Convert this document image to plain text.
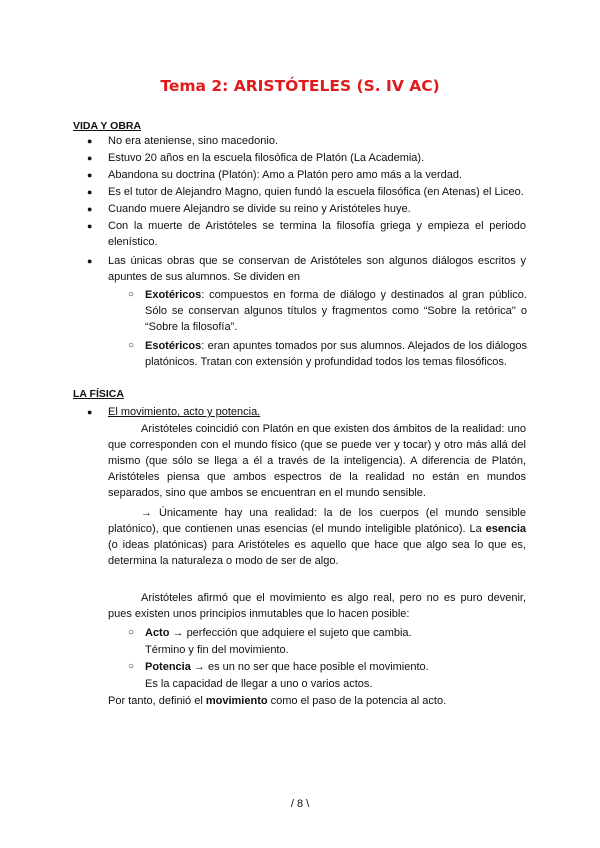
Tema 2: ARISTÓTELES (S. IV AC)
VIDA Y OBRA
●	No era ateniense, sino macedonio.
●	Estuvo 20 años en la escuela filosófica de Platón (La Academia).
●	Abandona su doctrina (Platón): Amo a Platón pero amo más a la verdad.
●	Es el tutor de Alejandro Magno, quien fundó la escuela filosófica (en Atenas) el Liceo.
●	Cuando muere Alejandro se divide su reino y Aristóteles huye.
●	Con la muerte de Aristóteles se termina la filosofía griega y empieza el periodo elenístico.
●	Las únicas obras que se conservan de Aristóteles son algunos diálogos escritos y apuntes de sus alumnos. Se dividen en
○ Exotéricos: compuestos en forma de diálogo y destinados al gran público. Sólo se conservan algunos títulos y fragmentos como “Sobre la retórica'' o “Sobre la filosofía”.
○ Esotéricos: eran apuntes tomados por sus alumnos. Alejados de los diálogos platónicos. Tratan con extensión y profundidad todos los temas filosóficos.
LA FÍSICA
●	El movimiento, acto y potencia.
Aristóteles coincidió con Platón en que existen dos ámbitos de la realidad: uno que corresponden con el mundo físico (que se puede ver y tocar) y otro más allá del mismo (que sólo se llega a él a través de la inteligencia). A diferencia de Platón, Aristóteles piensa que ambos espectros de la realidad no están en mundos separados, sino que ambos se encuentran en el mundo sensible.
→ Únicamente hay una realidad: la de los cuerpos (el mundo sensible platónico), que contienen unas esencias (el mundo inteligible platónico). La esencia (o ideas platónicas) para Aristóteles es aquello que hace que algo sea lo que es, determina la naturaleza o modo de ser de algo.
Aristóteles afirmó que el movimiento es algo real, pero no es puro devenir, pues existen unos principios inmutables que lo hacen posible:
○ Acto → perfección que adquiere el sujeto que cambia.
Término y fin del movimiento.
○ Potencia → es un no ser que hace posible el movimiento.
Es la capacidad de llegar a uno o varios actos.
Por tanto, definió el movimiento como el paso de la potencia al acto.
/ 8 \
